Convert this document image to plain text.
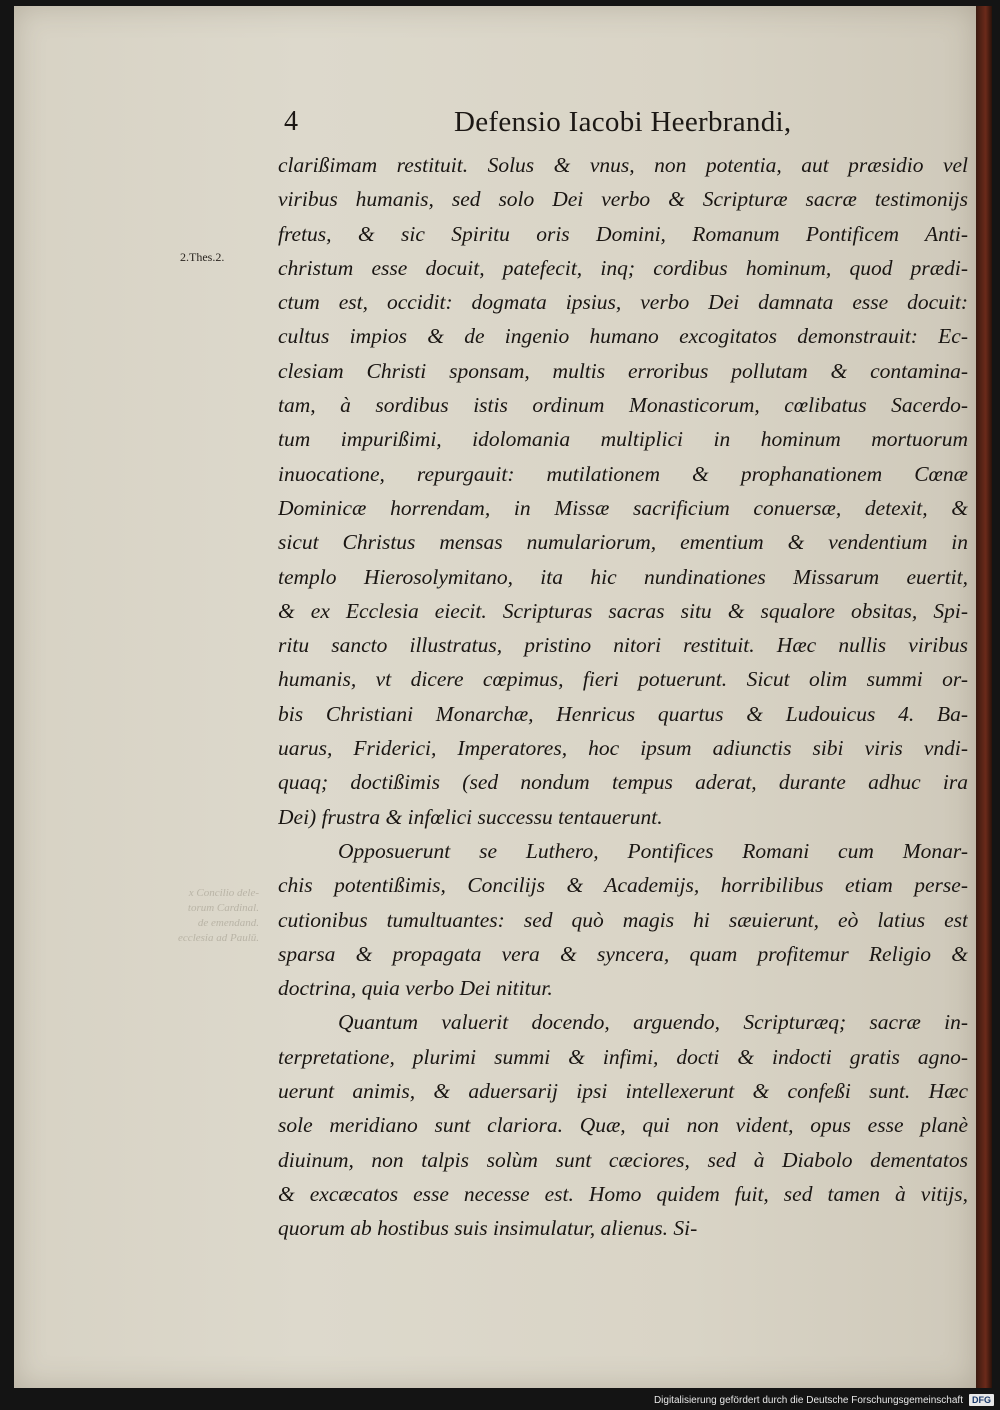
4	Defensio Iacobi Heerbrandi,
2.Thes.2.
x Concilio dele-
torum Cardinal.
de emendand.
ecclesia ad Paulū.
clarißimam restituit. Solus & vnus, non potentia, aut præsidio vel
viribus humanis, sed solo Dei verbo & Scripturæ sacræ testimonijs
fretus, & sic Spiritu oris Domini, Romanum Pontificem Anti-
christum esse docuit, patefecit, inq; cordibus hominum, quod prædi-
ctum est, occidit: dogmata ipsius, verbo Dei damnata esse docuit:
cultus impios & de ingenio humano excogitatos demonstrauit: Ec-
clesiam Christi sponsam, multis erroribus pollutam & contamina-
tam, à sordibus istis ordinum Monasticorum, cœlibatus Sacerdo-
tum impurißimi, idolomania multiplici in hominum mortuorum
inuocatione, repurgauit: mutilationem & prophanationem Cœnæ
Dominicæ horrendam, in Missæ sacrificium conuersæ, detexit, &
sicut Christus mensas numulariorum, ementium & vendentium in
templo Hierosolymitano, ita hic nundinationes Missarum euertit,
& ex Ecclesia eiecit. Scripturas sacras situ & squalore obsitas, Spi-
ritu sancto illustratus, pristino nitori restituit. Hæc nullis viribus
humanis, vt dicere cœpimus, fieri potuerunt. Sicut olim summi or-
bis Christiani Monarchæ, Henricus quartus & Ludouicus 4. Ba-
uarus, Friderici, Imperatores, hoc ipsum adiunctis sibi viris vndi-
quaq; doctißimis (sed nondum tempus aderat, durante adhuc ira
Dei) frustra & infœlici successu tentauerunt.
Opposuerunt se Luthero, Pontifices Romani cum Monar-
chis potentißimis, Concilijs & Academijs, horribilibus etiam perse-
cutionibus tumultuantes: sed quò magis hi sæuierunt, eò latius est
sparsa & propagata vera & syncera, quam profitemur Religio &
doctrina, quia verbo Dei nititur.
Quantum valuerit docendo, arguendo, Scripturæq; sacræ in-
terpretatione, plurimi summi & infimi, docti & indocti gratis agno-
uerunt animis, & aduersarij ipsi intellexerunt & confeßi sunt. Hæc
sole meridiano sunt clariora. Quæ, qui non vident, opus esse planè
diuinum, non talpis solùm sunt cæciores, sed à Diabolo dementatos
& excæcatos esse necesse est. Homo quidem fuit, sed tamen à vitijs,
quorum ab hostibus suis insimulatur, alienus. Si-
Digitalisierung gefördert durch die Deutsche Forschungsgemeinschaft	DFG
